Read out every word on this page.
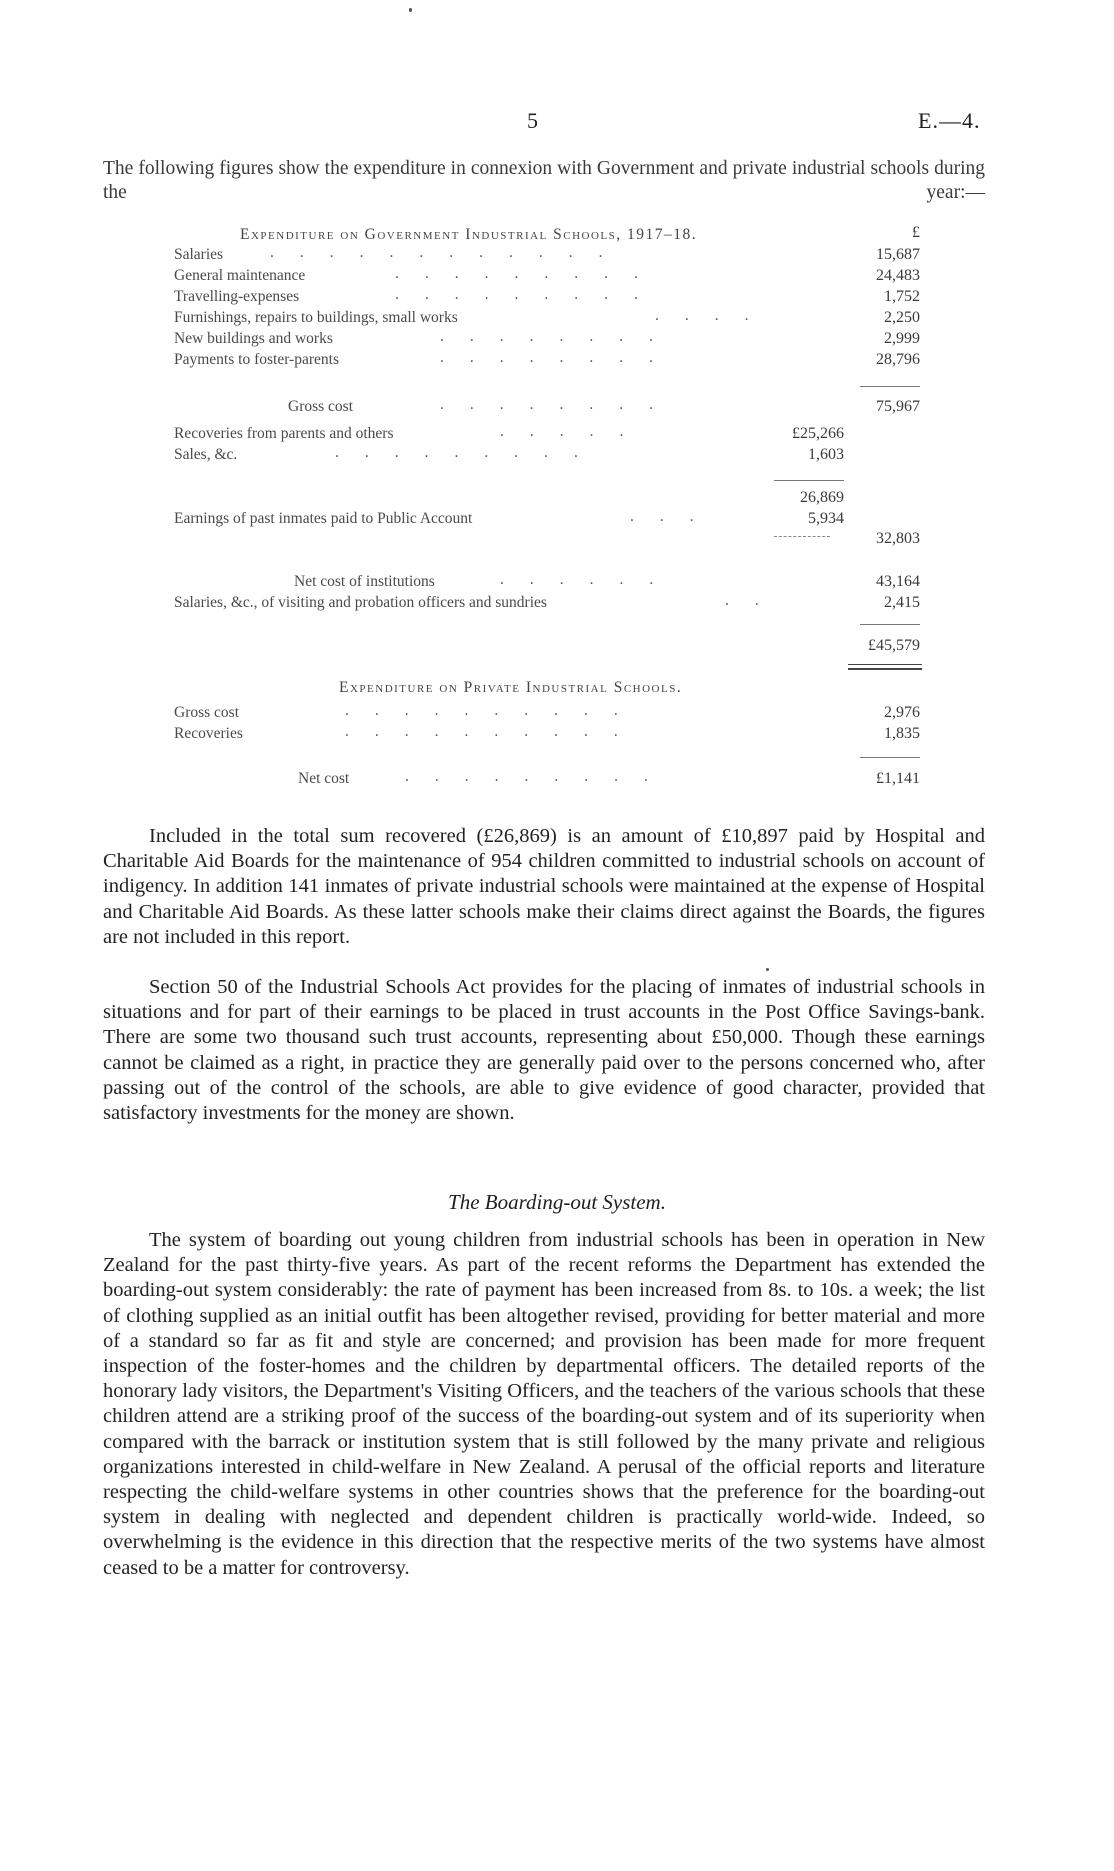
5	E.—4.
The following figures show the expenditure in connexion with Government and private industrial schools during the year:—
Expenditure on Government Industrial Schools, 1917–18.	£
Salaries	............	15,687
General maintenance	.........	24,483
Travelling-expenses	.........	1,752
Furnishings, repairs to buildings, small works	....	2,250
New buildings and works	........	2,999
Payments to foster-parents	........	28,796
Gross cost	........	75,967
Recoveries from parents and others	.....	£25,266
Sales, &c.	.........	1,603
26,869
Earnings of past inmates paid to Public Account	...	5,934
32,803
Net cost of institutions	......	43,164
Salaries, &c., of visiting and probation officers and sundries	..	2,415
£45,579
Expenditure on Private Industrial Schools.
Gross cost	..........	2,976
Recoveries	..........	1,835
Net cost	.........	£1,141
Included in the total sum recovered (£26,869) is an amount of £10,897 paid by Hospital and Charitable Aid Boards for the maintenance of 954 children committed to industrial schools on account of indigency. In addition 141 inmates of private industrial schools were maintained at the expense of Hospital and Charitable Aid Boards. As these latter schools make their claims direct against the Boards, the figures are not included in this report.
Section 50 of the Industrial Schools Act provides for the placing of inmates of industrial schools in situations and for part of their earnings to be placed in trust accounts in the Post Office Savings-bank. There are some two thousand such trust accounts, representing about £50,000. Though these earnings cannot be claimed as a right, in practice they are generally paid over to the persons concerned who, after passing out of the control of the schools, are able to give evidence of good character, provided that satisfactory investments for the money are shown.
The Boarding-out System.
The system of boarding out young children from industrial schools has been in operation in New Zealand for the past thirty-five years. As part of the recent reforms the Department has extended the boarding-out system considerably: the rate of payment has been increased from 8s. to 10s. a week; the list of clothing supplied as an initial outfit has been altogether revised, providing for better material and more of a standard so far as fit and style are concerned; and provision has been made for more frequent inspection of the foster-homes and the children by departmental officers. The detailed reports of the honorary lady visitors, the Department's Visiting Officers, and the teachers of the various schools that these children attend are a striking proof of the success of the boarding-out system and of its superiority when compared with the barrack or institution system that is still followed by the many private and religious organizations interested in child-welfare in New Zealand. A perusal of the official reports and literature respecting the child-welfare systems in other countries shows that the preference for the boarding-out system in dealing with neglected and dependent children is practically world-wide. Indeed, so overwhelming is the evidence in this direction that the respective merits of the two systems have almost ceased to be a matter for controversy.
